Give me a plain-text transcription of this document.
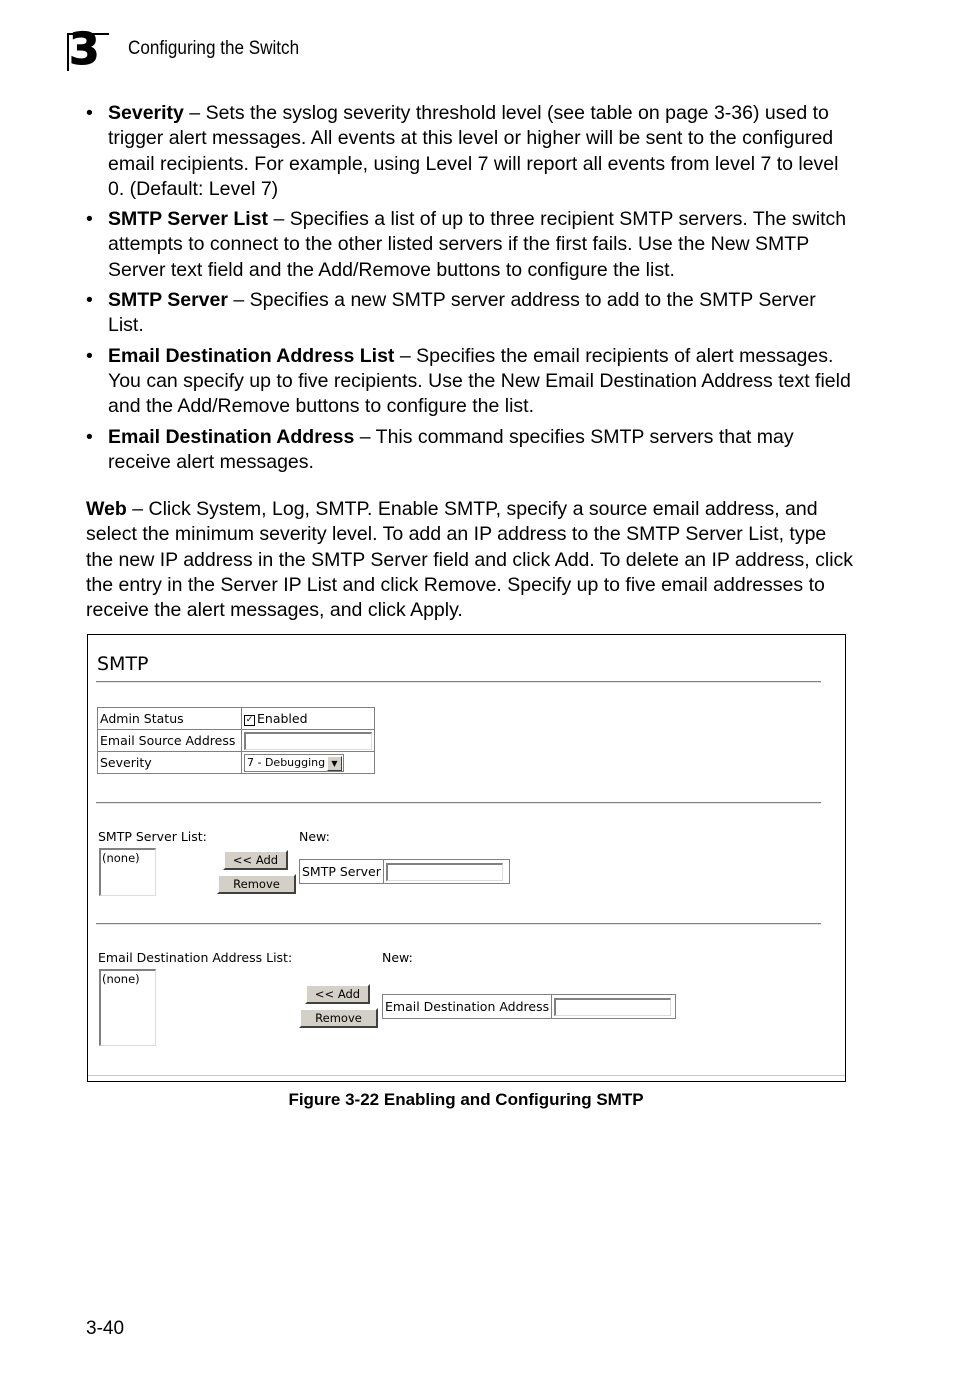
3 Configuring the Switch
• Severity – Sets the syslog severity threshold level (see table on page 3-36) used to trigger alert messages. All events at this level or higher will be sent to the configured email recipients. For example, using Level 7 will report all events from level 7 to level 0. (Default: Level 7)
• SMTP Server List – Specifies a list of up to three recipient SMTP servers. The switch attempts to connect to the other listed servers if the first fails. Use the New SMTP Server text field and the Add/Remove buttons to configure the list.
• SMTP Server – Specifies a new SMTP server address to add to the SMTP Server List.
• Email Destination Address List – Specifies the email recipients of alert messages. You can specify up to five recipients. Use the New Email Destination Address text field and the Add/Remove buttons to configure the list.
• Email Destination Address – This command specifies SMTP servers that may receive alert messages.

Web – Click System, Log, SMTP. Enable SMTP, specify a source email address, and select the minimum severity level. To add an IP address to the SMTP Server List, type the new IP address in the SMTP Server field and click Add. To delete an IP address, click the entry in the Server IP List and click Remove. Specify up to five email addresses to receive the alert messages, and click Apply.

SMTP
Admin Status	✓ Enabled
Email Source Address	
Severity	7 - Debugging ▼
SMTP Server List:
(none)
New:
<< Add
Remove
SMTP Server
Email Destination Address List:
(none)
New:
<< Add
Remove
Email Destination Address
Figure 3-22 Enabling and Configuring SMTP
3-40
